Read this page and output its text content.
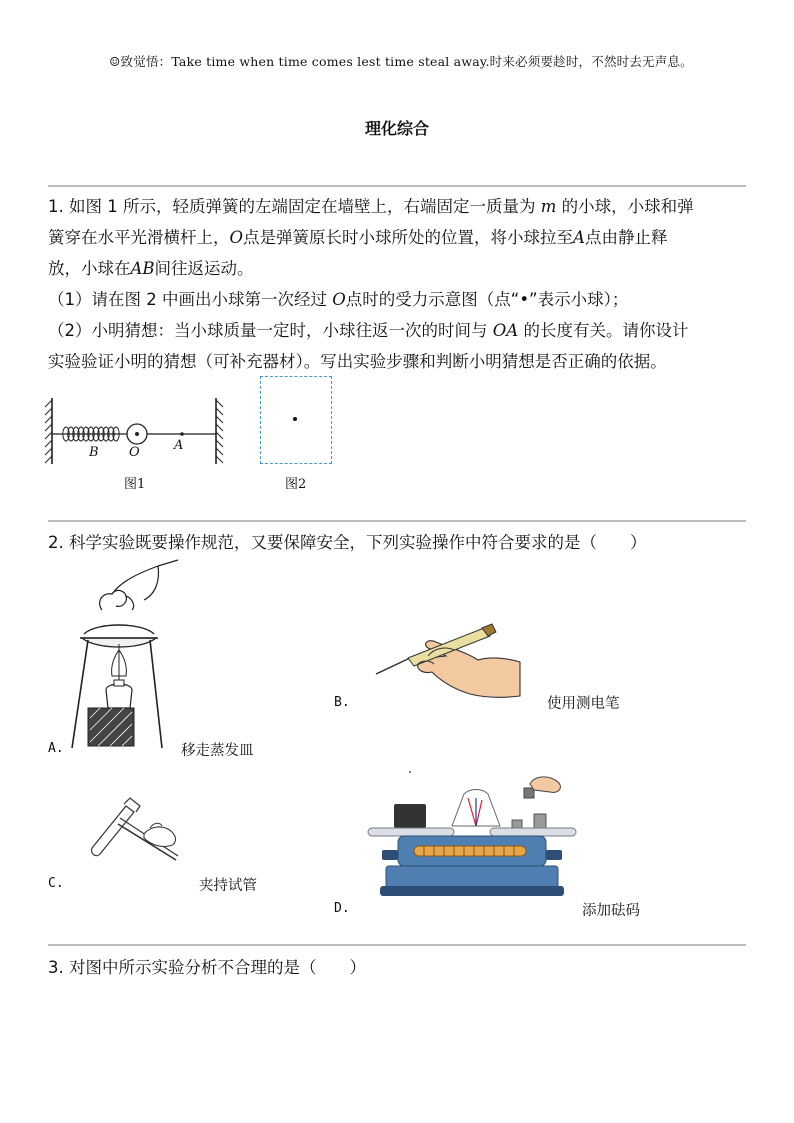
☺致觉悟：Take time when time comes lest time steal away.时来必须要趁时，不然时去无声息。
理化综合

1. 如图 1 所示，轻质弹簧的左端固定在墙壁上，右端固定一质量为 m 的小球，小球和弹

簧穿在水平光滑横杆上，O点是弹簧原长时小球所处的位置，将小球拉至A点由静止释

放，小球在AB间往返运动。

（1）请在图 2 中画出小球第一次经过 O点时的受力示意图（点“•”表示小球）；

（2）小明猜想：当小球质量一定时，小球往返一次的时间与 OA 的长度有关。请你设计

实验验证小明的猜想（可补充器材）。写出实验步骤和判断小明猜想是否正确的依据。

B O	A
图1	图2
2. 科学实验既要操作规范，又要保障安全，下列实验操作中符合要求的是（　　）
A.	移走蒸发皿
B.	使用测电笔
C.	夹持试管
D.	添加砝码
3. 对图中所示实验分析不合理的是（　　）
